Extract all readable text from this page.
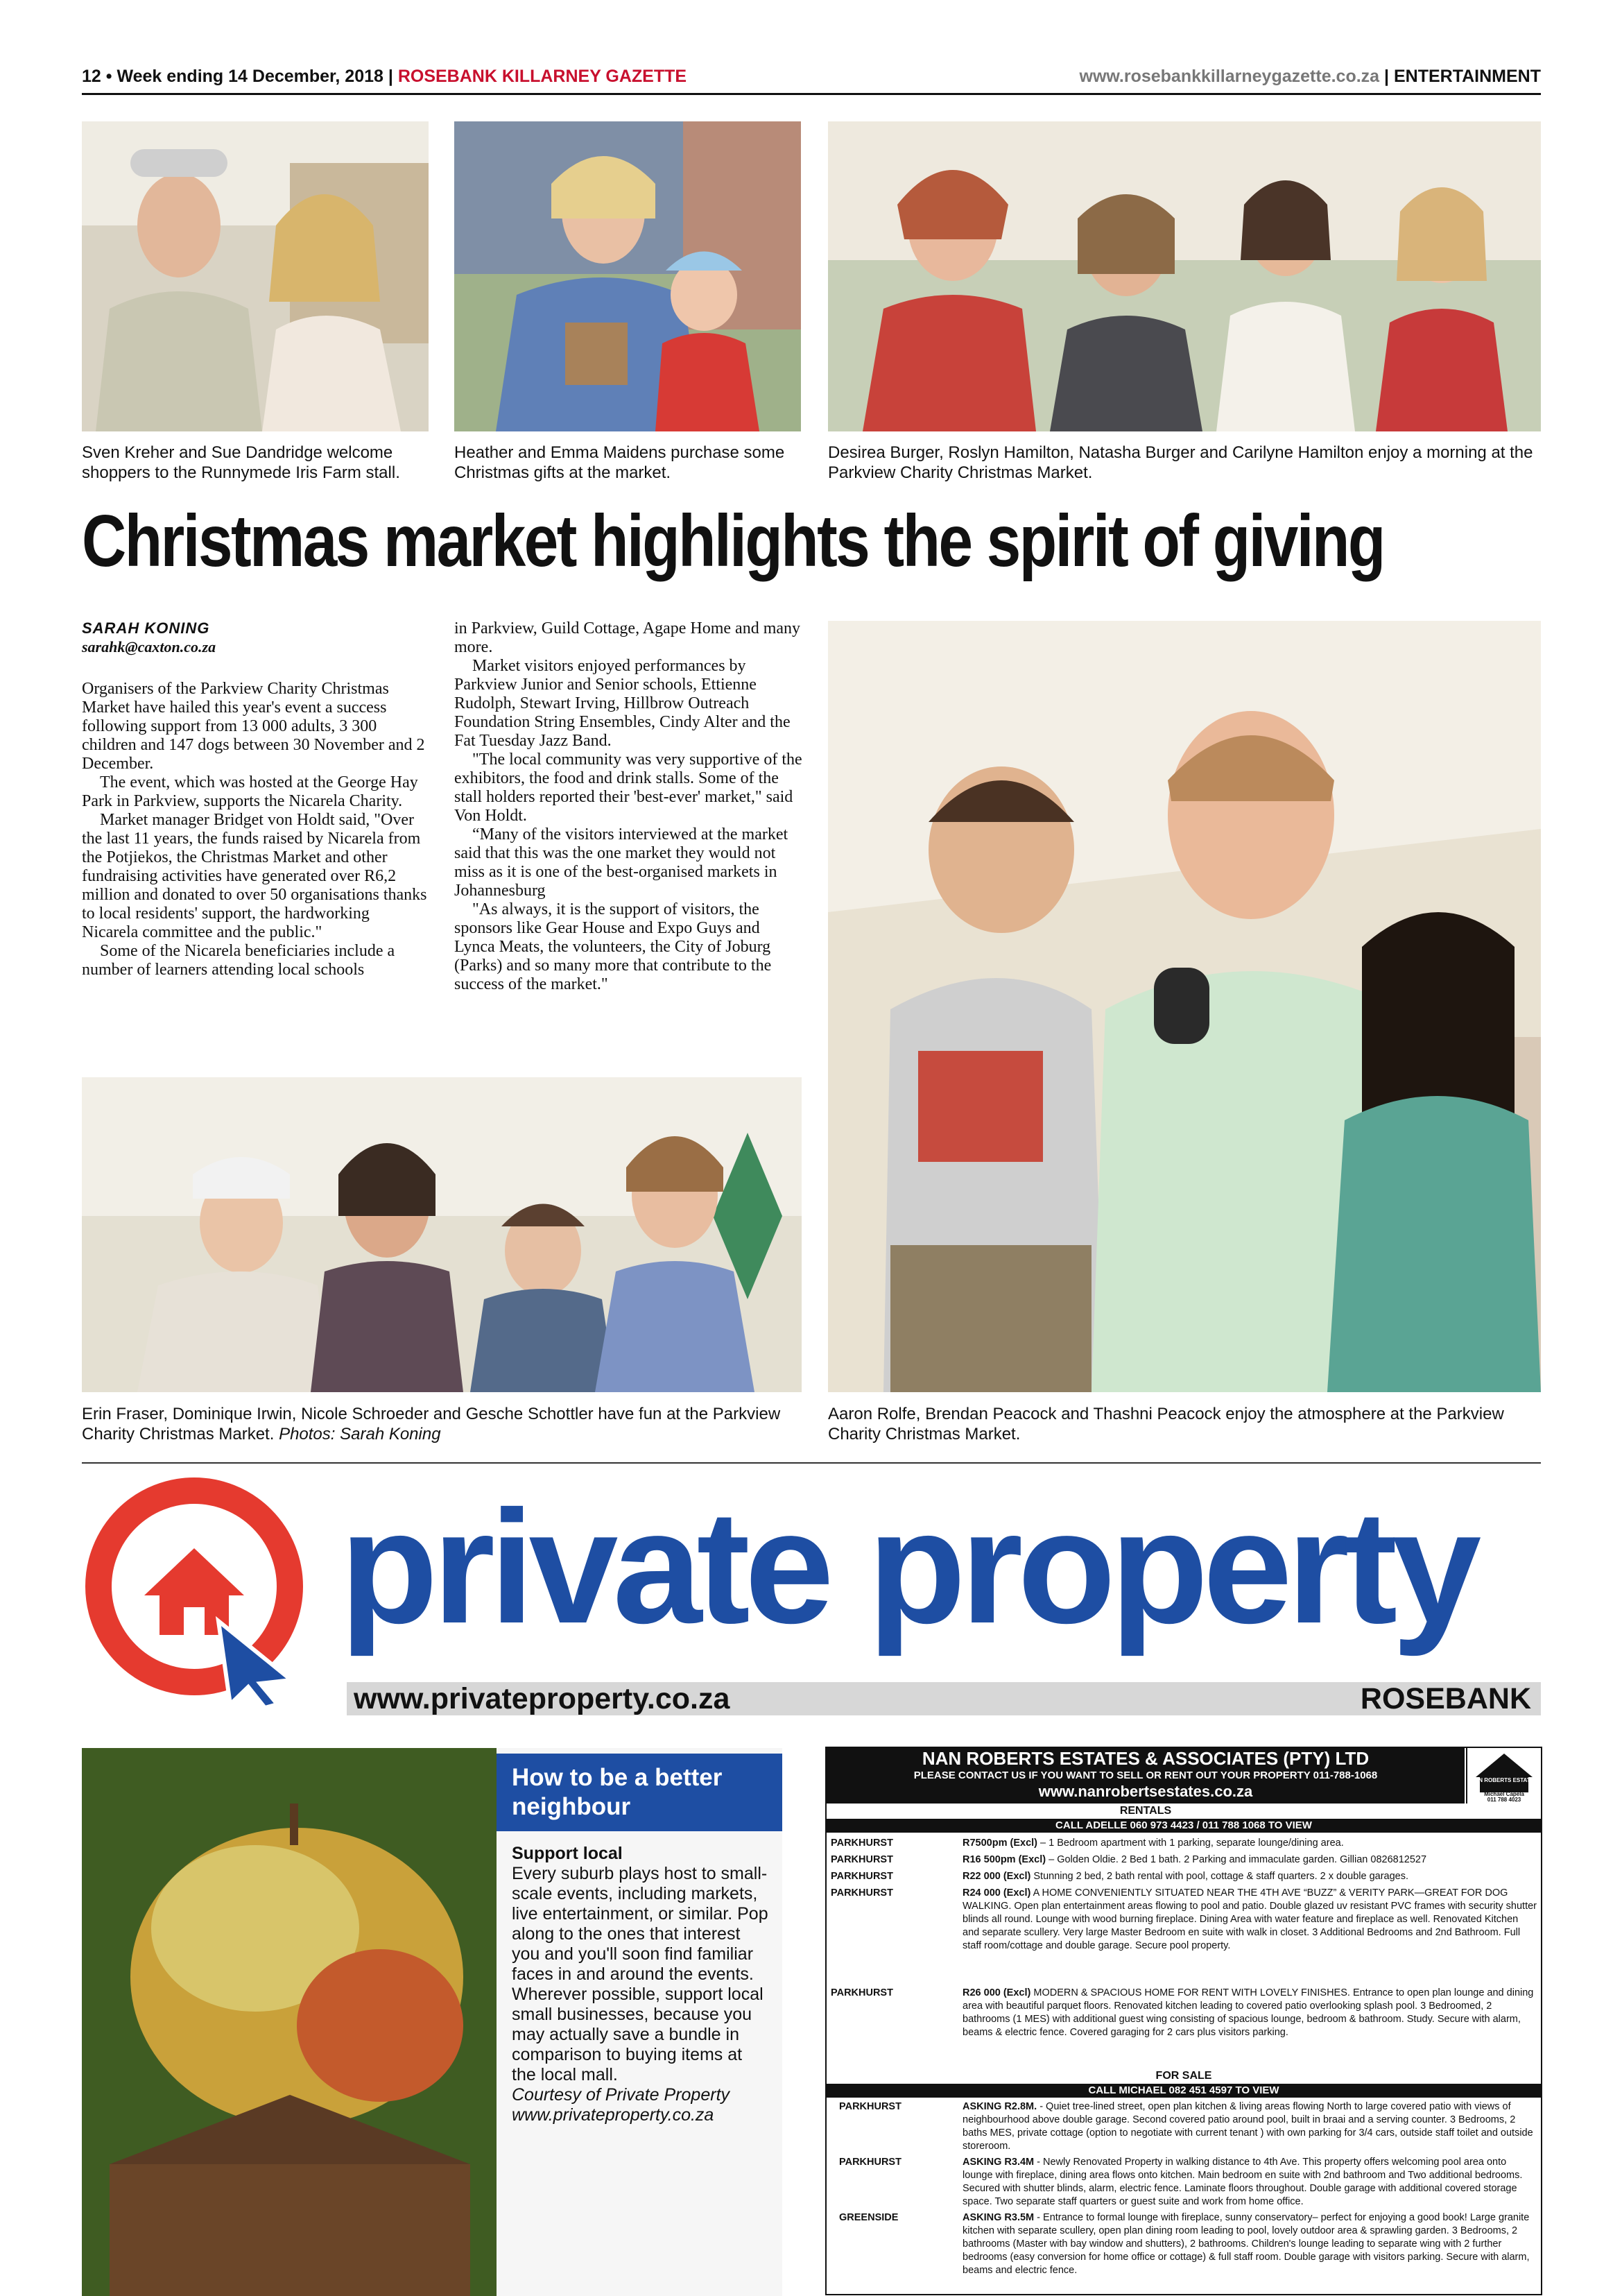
12 • Week ending 14 December, 2018 | ROSEBANK KILLARNEY GAZETTE	www.rosebankkillarneygazette.co.za | ENTERTAINMENT
Sven Kreher and Sue Dandridge welcome shoppers to the Runnymede Iris Farm stall.
Heather and Emma Maidens purchase some Christmas gifts at the market.
Desirea Burger, Roslyn Hamilton, Natasha Burger and Carilyne Hamilton enjoy a morning at the Parkview Charity Christmas Market.
Christmas market highlights the spirit of giving
SARAH KONING
sarahk@caxton.co.za

Organisers of the Parkview Charity Christmas Market have hailed this year's event a success following support from 13 000 adults, 3 300 children and 147 dogs between 30 November and 2 December.

The event, which was hosted at the George Hay Park in Parkview, supports the Nicarela Charity.

Market manager Bridget von Holdt said, "Over the last 11 years, the funds raised by Nicarela from the Potjiekos, the Christmas Market and other fundraising activities have generated over R6,2 million and donated to over 50 organisations thanks to local residents' support, the hardworking Nicarela committee and the public."

Some of the Nicarela beneficiaries include a number of learners attending local schools

in Parkview, Guild Cottage, Agape Home and many more.

Market visitors enjoyed performances by Parkview Junior and Senior schools, Ettienne Rudolph, Stewart Irving, Hillbrow Outreach Foundation String Ensembles, Cindy Alter and the Fat Tuesday Jazz Band.

"The local community was very supportive of the exhibitors, the food and drink stalls. Some of the stall holders reported their 'best-ever' market," said Von Holdt.

“Many of the visitors interviewed at the market said that this was the one market they would not miss as it is one of the best-organised markets in Johannesburg

"As always, it is the support of visitors, the sponsors like Gear House and Expo Guys and Lynca Meats, the volunteers, the City of Joburg (Parks) and so many more that contribute to the success of the market."

Erin Fraser, Dominique Irwin, Nicole Schroeder and Gesche Schottler have fun at the Parkview Charity Christmas Market. Photos: Sarah Koning
Aaron Rolfe, Brendan Peacock and Thashni Peacock enjoy the atmosphere at the Parkview Charity Christmas Market.
private property
www.privateproperty.co.za	ROSEBANK
How to be a better neighbour
Support local
Every suburb plays host to small-scale events, including markets, live entertainment, or similar. Pop along to the ones that interest you and you'll soon find familiar faces in and around the events. Wherever possible, support local small businesses, because you may actually save a bundle in comparison to buying items at the local mall.
Courtesy of Private Property
www.privateproperty.co.za
NAN ROBERTS ESTATES & ASSOCIATES (PTY) LTD
PLEASE CONTACT US IF YOU WANT TO SELL OR RENT OUT YOUR PROPERTY 011-788-1068
www.nanrobertsestates.co.za
NAN ROBERTS ESTATES
Michael Capela
011 788 4023
RENTALS
CALL ADELLE 060 973 4423 / 011 788 1068 TO VIEW
PARKHURST	R7500pm (Excl) – 1 Bedroom apartment with 1 parking, separate lounge/dining area.
PARKHURST	R16 500pm (Excl) – Golden Oldie. 2 Bed 1 bath. 2 Parking and immaculate garden. Gillian 0826812527
PARKHURST	R22 000 (Excl) Stunning 2 bed, 2 bath rental with pool, cottage & staff quarters. 2 x double garages.
PARKHURST	R24 000 (Excl) A HOME CONVENIENTLY SITUATED NEAR THE 4TH AVE “BUZZ” & VERITY PARK—GREAT FOR DOG WALKING. Open plan entertainment areas flowing to pool and patio. Double glazed uv resistant PVC frames with security shutter blinds all round. Lounge with wood burning fireplace. Dining Area with water feature and fireplace as well. Renovated Kitchen and separate scullery. Very large Master Bedroom en suite with walk in closet. 3 Additional Bedrooms and 2nd Bathroom. Full staff room/cottage and double garage. Secure pool property.
PARKHURST	R26 000 (Excl) MODERN & SPACIOUS HOME FOR RENT WITH LOVELY FINISHES. Entrance to open plan lounge and dining area with beautiful parquet floors. Renovated kitchen leading to covered patio overlooking splash pool. 3 Bedroomed, 2 bathrooms (1 MES) with additional guest wing consisting of spacious lounge, bedroom & bathroom. Study. Secure with alarm, beams & electric fence. Covered garaging for 2 cars plus visitors parking.
FOR SALE
CALL MICHAEL 082 451 4597 TO VIEW
PARKHURST	ASKING R2.8M. - Quiet tree-lined street, open plan kitchen & living areas flowing North to large covered patio with views of neighbourhood above double garage. Second covered patio around pool, built in braai and a serving counter. 3 Bedrooms, 2 baths MES, private cottage (option to negotiate with current tenant ) with own parking for 3/4 cars, outside staff toilet and outside storeroom.
PARKHURST	ASKING R3.4M - Newly Renovated Property in walking distance to 4th Ave. This property offers welcoming pool area onto lounge with fireplace, dining area flows onto kitchen. Main bedroom en suite with 2nd bathroom and Two additional bedrooms. Secured with shutter blinds, alarm, electric fence. Laminate floors throughout. Double garage with additional covered storage space. Two separate staff quarters or guest suite and work from home office.
GREENSIDE	ASKING R3.5M - Entrance to formal lounge with fireplace, sunny conservatory– perfect for enjoying a good book! Large granite kitchen with separate scullery, open plan dining room leading to pool, lovely outdoor area & sprawling garden. 3 Bedrooms, 2 bathrooms (Master with bay window and shutters), 2 bathrooms. Children's lounge leading to separate wing with 2 further bedrooms (easy conversion for home office or cottage) & full staff room. Double garage with visitors parking. Secure with alarm, beams and electric fence.
